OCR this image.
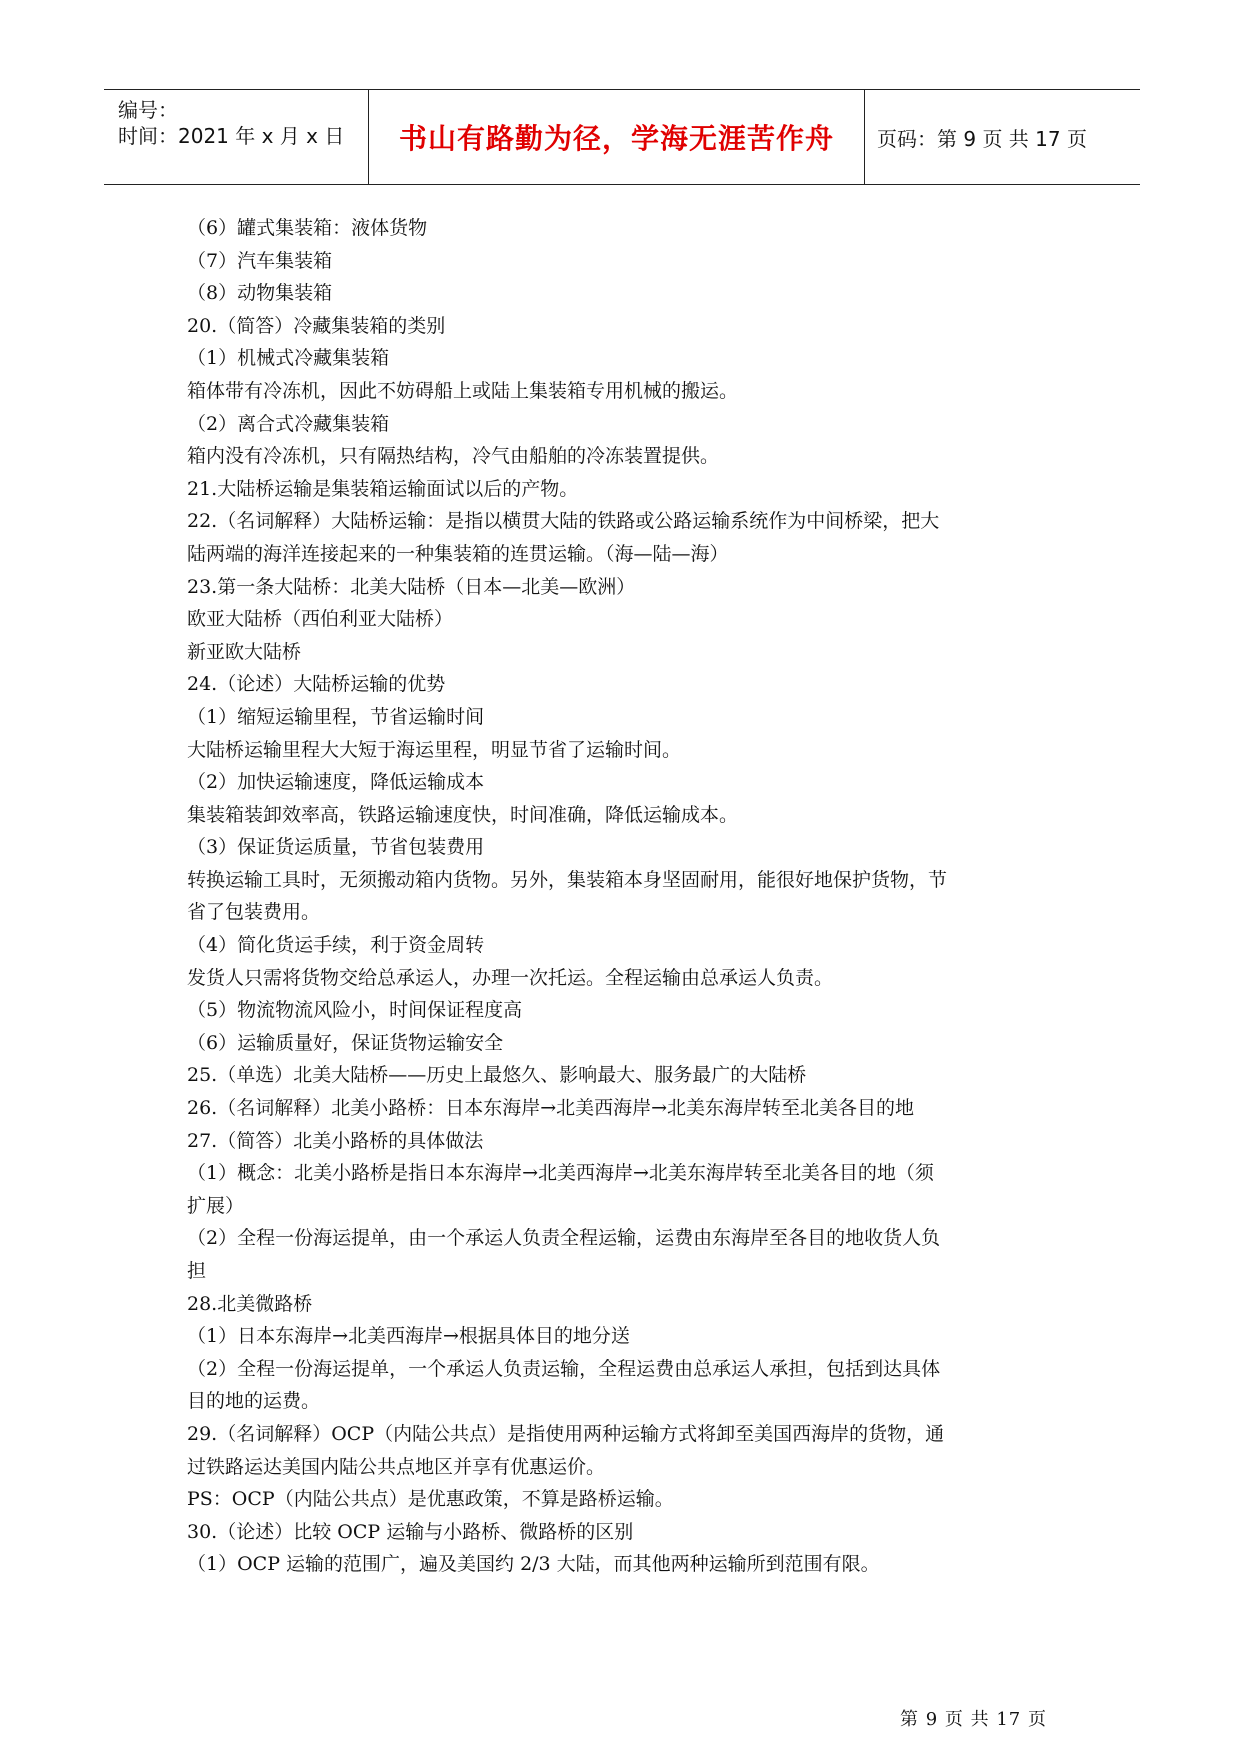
编号：
时间：2021 年 x 月 x 日 书山有路勤为径，学海无涯苦作舟 页码：第 9 页 共 17 页
（6）罐式集装箱：液体货物
（7）汽车集装箱
（8）动物集装箱
20.（简答）冷藏集装箱的类别
（1）机械式冷藏集装箱
箱体带有冷冻机，因此不妨碍船上或陆上集装箱专用机械的搬运。
（2）离合式冷藏集装箱
箱内没有冷冻机，只有隔热结构，冷气由船舶的冷冻装置提供。
21.大陆桥运输是集装箱运输面试以后的产物。
22.（名词解释）大陆桥运输：是指以横贯大陆的铁路或公路运输系统作为中间桥梁，把大
陆两端的海洋连接起来的一种集装箱的连贯运输。（海—陆—海）
23.第一条大陆桥：北美大陆桥（日本—北美—欧洲）
欧亚大陆桥（西伯利亚大陆桥）
新亚欧大陆桥
24.（论述）大陆桥运输的优势
（1）缩短运输里程，节省运输时间
大陆桥运输里程大大短于海运里程，明显节省了运输时间。
（2）加快运输速度，降低运输成本
集装箱装卸效率高，铁路运输速度快，时间准确，降低运输成本。
（3）保证货运质量，节省包装费用
转换运输工具时，无须搬动箱内货物。另外，集装箱本身坚固耐用，能很好地保护货物，节
省了包装费用。
（4）简化货运手续，利于资金周转
发货人只需将货物交给总承运人，办理一次托运。全程运输由总承运人负责。
（5）物流物流风险小，时间保证程度高
（6）运输质量好，保证货物运输安全
25.（单选）北美大陆桥——历史上最悠久、影响最大、服务最广的大陆桥
26.（名词解释）北美小路桥：日本东海岸→北美西海岸→北美东海岸转至北美各目的地
27.（简答）北美小路桥的具体做法
（1）概念：北美小路桥是指日本东海岸→北美西海岸→北美东海岸转至北美各目的地（须
扩展）
（2）全程一份海运提单，由一个承运人负责全程运输，运费由东海岸至各目的地收货人负
担
28.北美微路桥
（1）日本东海岸→北美西海岸→根据具体目的地分送
（2）全程一份海运提单，一个承运人负责运输，全程运费由总承运人承担，包括到达具体
目的地的运费。
29.（名词解释）OCP（内陆公共点）是指使用两种运输方式将卸至美国西海岸的货物，通
过铁路运达美国内陆公共点地区并享有优惠运价。
PS：OCP（内陆公共点）是优惠政策，不算是路桥运输。
30.（论述）比较 OCP 运输与小路桥、微路桥的区别
（1）OCP 运输的范围广，遍及美国约 2/3 大陆，而其他两种运输所到范围有限。
第 9 页 共 17 页
